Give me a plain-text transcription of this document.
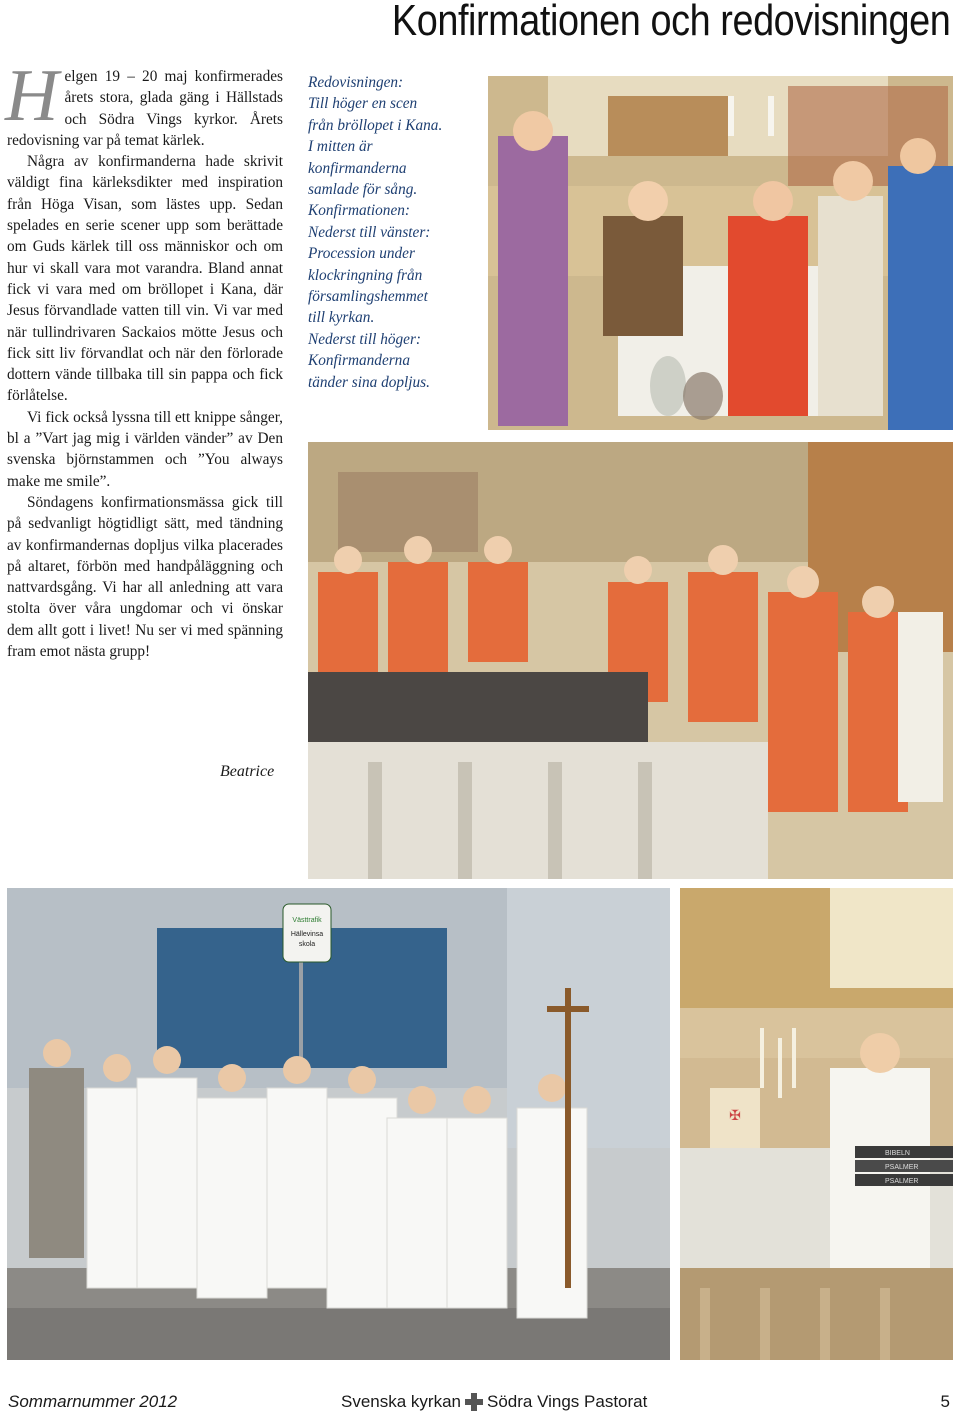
Konfirmationen och redovisningen

Helgen 19 – 20 maj konfirmerades årets stora, glada gäng i Hällstads och Södra Vings kyrkor. Årets redovisning var på temat kärlek.

Några av konfirmanderna hade skrivit väldigt fina kärleksdikter med inspiration från Höga Visan, som lästes upp. Sedan spelades en serie scener upp som berättade om Guds kärlek till oss människor och om hur vi skall vara mot varandra. Bland annat fick vi vara med om bröllopet i Kana, där Jesus förvandlade vatten till vin. Vi var med när tullindrivaren Sackaios mötte Jesus och fick sitt liv förvandlat och när den förlorade dottern vände tillbaka till sin pappa och fick förlåtelse.

Vi fick också lyssna till ett knippe sånger, bl a ”Vart jag mig i världen vänder” av Den svenska björnstammen och ”You always make me smile”.

Söndagens konfirmationsmässa gick till på sedvanligt högtidligt sätt, med tändning av konfirmandernas dopljus vilka placerades på altaret, förbön med handpåläggning och nattvardsgång. Vi har all anledning att vara stolta över våra ungdomar och vi önskar dem allt gott i livet! Nu ser vi med spänning fram emot nästa grupp!

Beatrice
Redovisningen:
Till höger en scen
från bröllopet i Kana.
I mitten är
konfirmanderna
samlade för sång.
Konfirmationen:
Nederst till vänster:
Procession under
klockringning från
församlingshemmet
till kyrkan.
Nederst till höger:
Konfirmanderna
tänder sina dopljus.
Västtrafik
Hällevinsa
skola
✠
BIBELN
PSALMER
PSALMER
Sommarnummer 2012	Svenska kyrkan Södra Vings Pastorat	5
